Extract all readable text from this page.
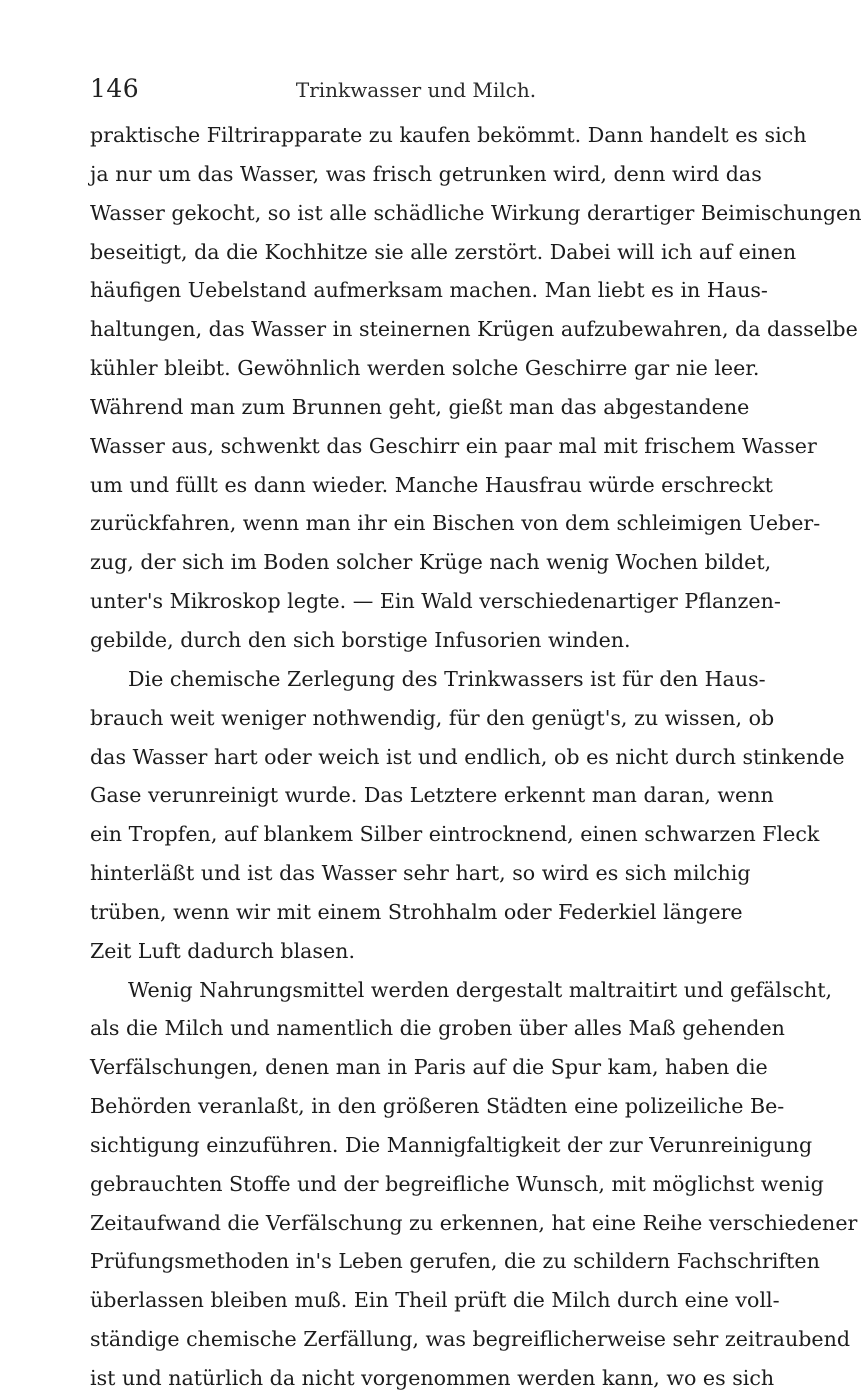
146	Trinkwasser und Milch.
praktische Filtrirapparate zu kaufen bekömmt. Dann handelt es sich
ja nur um das Wasser, was frisch getrunken wird, denn wird das
Wasser gekocht, so ist alle schädliche Wirkung derartiger Beimischungen
beseitigt, da die Kochhitze sie alle zerstört. Dabei will ich auf einen
häufigen Uebelstand aufmerksam machen. Man liebt es in Haus-
haltungen, das Wasser in steinernen Krügen aufzubewahren, da dasselbe
kühler bleibt. Gewöhnlich werden solche Geschirre gar nie leer.
Während man zum Brunnen geht, gießt man das abgestandene
Wasser aus, schwenkt das Geschirr ein paar mal mit frischem Wasser
um und füllt es dann wieder. Manche Hausfrau würde erschreckt
zurückfahren, wenn man ihr ein Bischen von dem schleimigen Ueber-
zug, der sich im Boden solcher Krüge nach wenig Wochen bildet,
unter's Mikroskop legte. — Ein Wald verschiedenartiger Pflanzen-
gebilde, durch den sich borstige Infusorien winden.
Die chemische Zerlegung des Trinkwassers ist für den Haus-
brauch weit weniger nothwendig, für den genügt's, zu wissen, ob
das Wasser hart oder weich ist und endlich, ob es nicht durch stinkende
Gase verunreinigt wurde. Das Letztere erkennt man daran, wenn
ein Tropfen, auf blankem Silber eintrocknend, einen schwarzen Fleck
hinterläßt und ist das Wasser sehr hart, so wird es sich milchig
trüben, wenn wir mit einem Strohhalm oder Federkiel längere
Zeit Luft dadurch blasen.
Wenig Nahrungsmittel werden dergestalt maltraitirt und gefälscht,
als die Milch und namentlich die groben über alles Maß gehenden
Verfälschungen, denen man in Paris auf die Spur kam, haben die
Behörden veranlaßt, in den größeren Städten eine polizeiliche Be-
sichtigung einzuführen. Die Mannigfaltigkeit der zur Verunreinigung
gebrauchten Stoffe und der begreifliche Wunsch, mit möglichst wenig
Zeitaufwand die Verfälschung zu erkennen, hat eine Reihe verschiedener
Prüfungsmethoden in's Leben gerufen, die zu schildern Fachschriften
überlassen bleiben muß. Ein Theil prüft die Milch durch eine voll-
ständige chemische Zerfällung, was begreiflicherweise sehr zeitraubend
ist und natürlich da nicht vorgenommen werden kann, wo es sich
